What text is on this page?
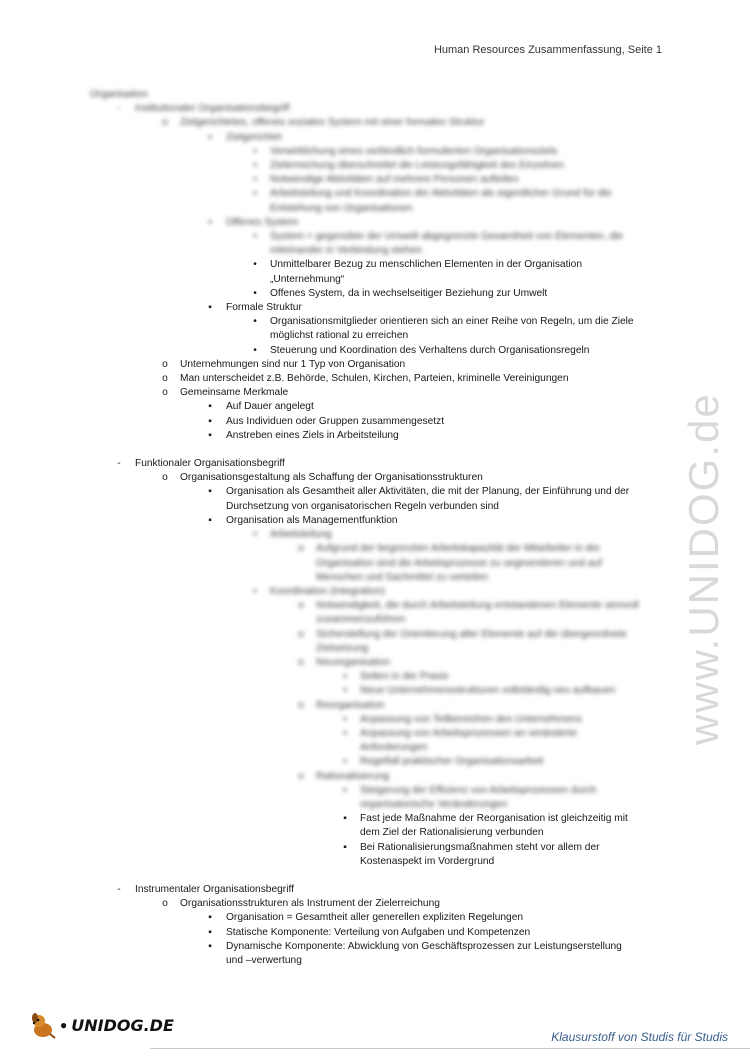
Human Resources Zusammenfassung, Seite 1
Organisation
-	Institutionaler Organisationsbegriff
o	Zielgerichtetes, offenes soziales System mit einer formalen Struktur
▪	Zielgerichtet
•	Verwirklichung eines verbindlich formulierten Organisationsziels
•	Zielerreichung überschreitet die Leistungsfähigkeit des Einzelnen
•	Notwendige Aktivitäten auf mehrere Personen aufteilen
•	Arbeitsteilung und Koordination der Aktivitäten als eigentlicher Grund für die Entstehung von Organisationen
▪	Offenes System
•	System = gegenüber der Umwelt abgegrenzte Gesamtheit von Elementen, die miteinander in Verbindung stehen
•	Unmittelbarer Bezug zu menschlichen Elementen in der Organisation „Unternehmung“
•	Offenes System, da in wechselseitiger Beziehung zur Umwelt
▪	Formale Struktur
•	Organisationsmitglieder orientieren sich an einer Reihe von Regeln, um die Ziele möglichst rational zu erreichen
•	Steuerung und Koordination des Verhaltens durch Organisationsregeln
o	Unternehmungen sind nur 1 Typ von Organisation
o	Man unterscheidet z.B. Behörde, Schulen, Kirchen, Parteien, kriminelle Vereinigungen
o	Gemeinsame Merkmale
▪	Auf Dauer angelegt
▪	Aus Individuen oder Gruppen zusammengesetzt
▪	Anstreben eines Ziels in Arbeitsteilung
-	Funktionaler Organisationsbegriff
o	Organisationsgestaltung als Schaffung der Organisationsstrukturen
▪	Organisation als Gesamtheit aller Aktivitäten, die mit der Planung, der Einführung und der Durchsetzung von organisatorischen Regeln verbunden sind
▪	Organisation als Managementfunktion
•	Arbeitsteilung
o	Aufgrund der begrenzten Arbeitskapazität der Mitarbeiter in der Organisation sind die Arbeitsprozesse zu segmentieren und auf Menschen und Sachmittel zu verteilen
•	Koordination (Integration)
o	Notwendigkeit, die durch Arbeitsteilung entstandenen Elemente sinnvoll zusammenzuführen
o	Sicherstellung der Orientierung aller Elemente auf die übergeordnete Zielsetzung
o	Neuorganisation
▪	Selten in der Praxis
▪	Neue Unternehmensstrukturen vollständig neu aufbauen
o	Reorganisation
▪	Anpassung von Teilbereichen des Unternehmens
▪	Anpassung von Arbeitsprozessen an veränderte Anforderungen
▪	Regelfall praktischer Organisationsarbeit
o	Rationalisierung
▪	Steigerung der Effizienz von Arbeitsprozessen durch organisatorische Veränderungen
▪	Fast jede Maßnahme der Reorganisation ist gleichzeitig mit dem Ziel der Rationalisierung verbunden
▪	Bei Rationalisierungsmaßnahmen steht vor allem der Kostenaspekt im Vordergrund
-	Instrumentaler Organisationsbegriff
o	Organisationsstrukturen als Instrument der Zielerreichung
▪	Organisation = Gesamtheit aller generellen expliziten Regelungen
▪	Statische Komponente: Verteilung von Aufgaben und Kompetenzen
▪	Dynamische Komponente: Abwicklung von Geschäftsprozessen zur Leistungserstellung und –verwertung
www.UNIDOG.de
● UNIDOG.DE
Klausurstoff von Studis für Studis
